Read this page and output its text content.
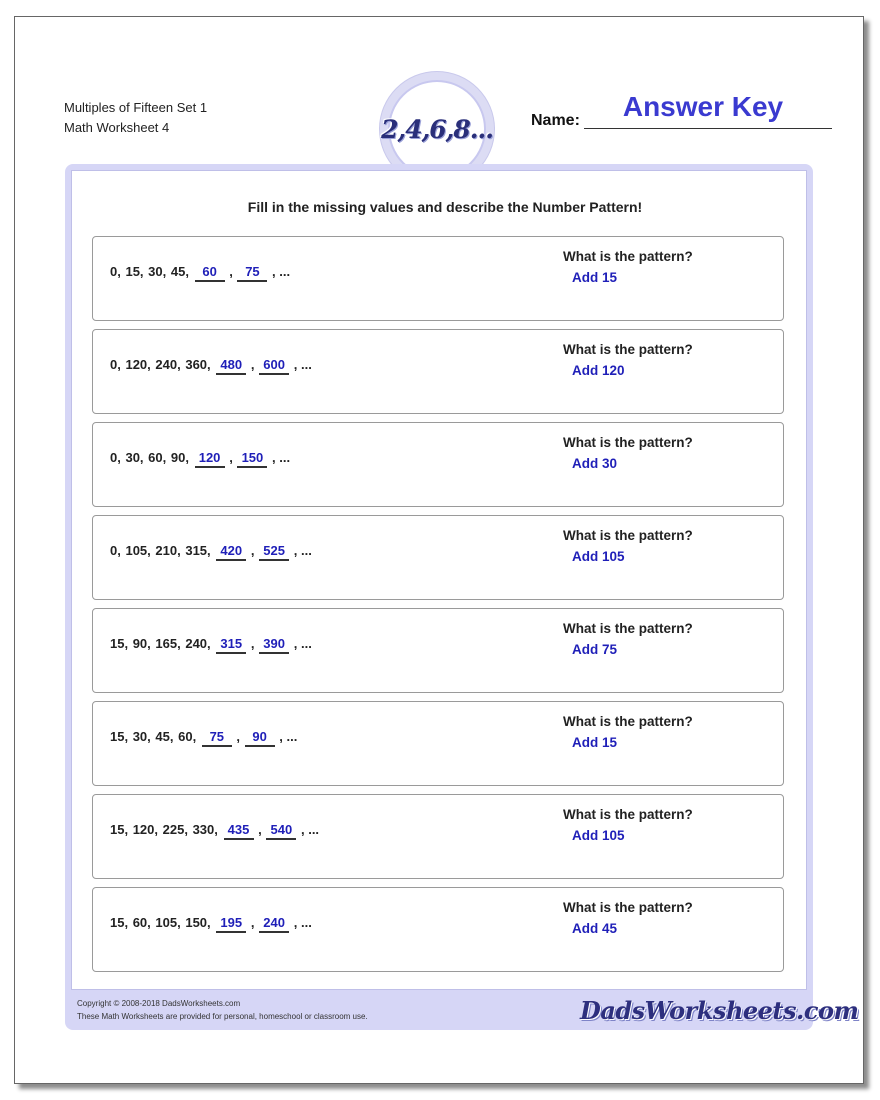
Multiples of Fifteen Set 1
Math Worksheet 4	2,4,6,8... Name:	Answer Key
Fill in the missing values and describe the Number Pattern!
0, 15, 30, 45, 60 , 75 , ...
What is the pattern?
Add 15
0, 120, 240, 360, 480 , 600 , ...
What is the pattern?
Add 120
0, 30, 60, 90, 120 , 150 , ...
What is the pattern?
Add 30
0, 105, 210, 315, 420 , 525 , ...
What is the pattern?
Add 105
15, 90, 165, 240, 315 , 390 , ...
What is the pattern?
Add 75
15, 30, 45, 60, 75 , 90 , ...
What is the pattern?
Add 15
15, 120, 225, 330, 435 , 540 , ...
What is the pattern?
Add 105
15, 60, 105, 150, 195 , 240 , ...
What is the pattern?
Add 45
Copyright © 2008-2018 DadsWorksheets.com
These Math Worksheets are provided for personal, homeschool or classroom use.	DadsWorksheets.com
